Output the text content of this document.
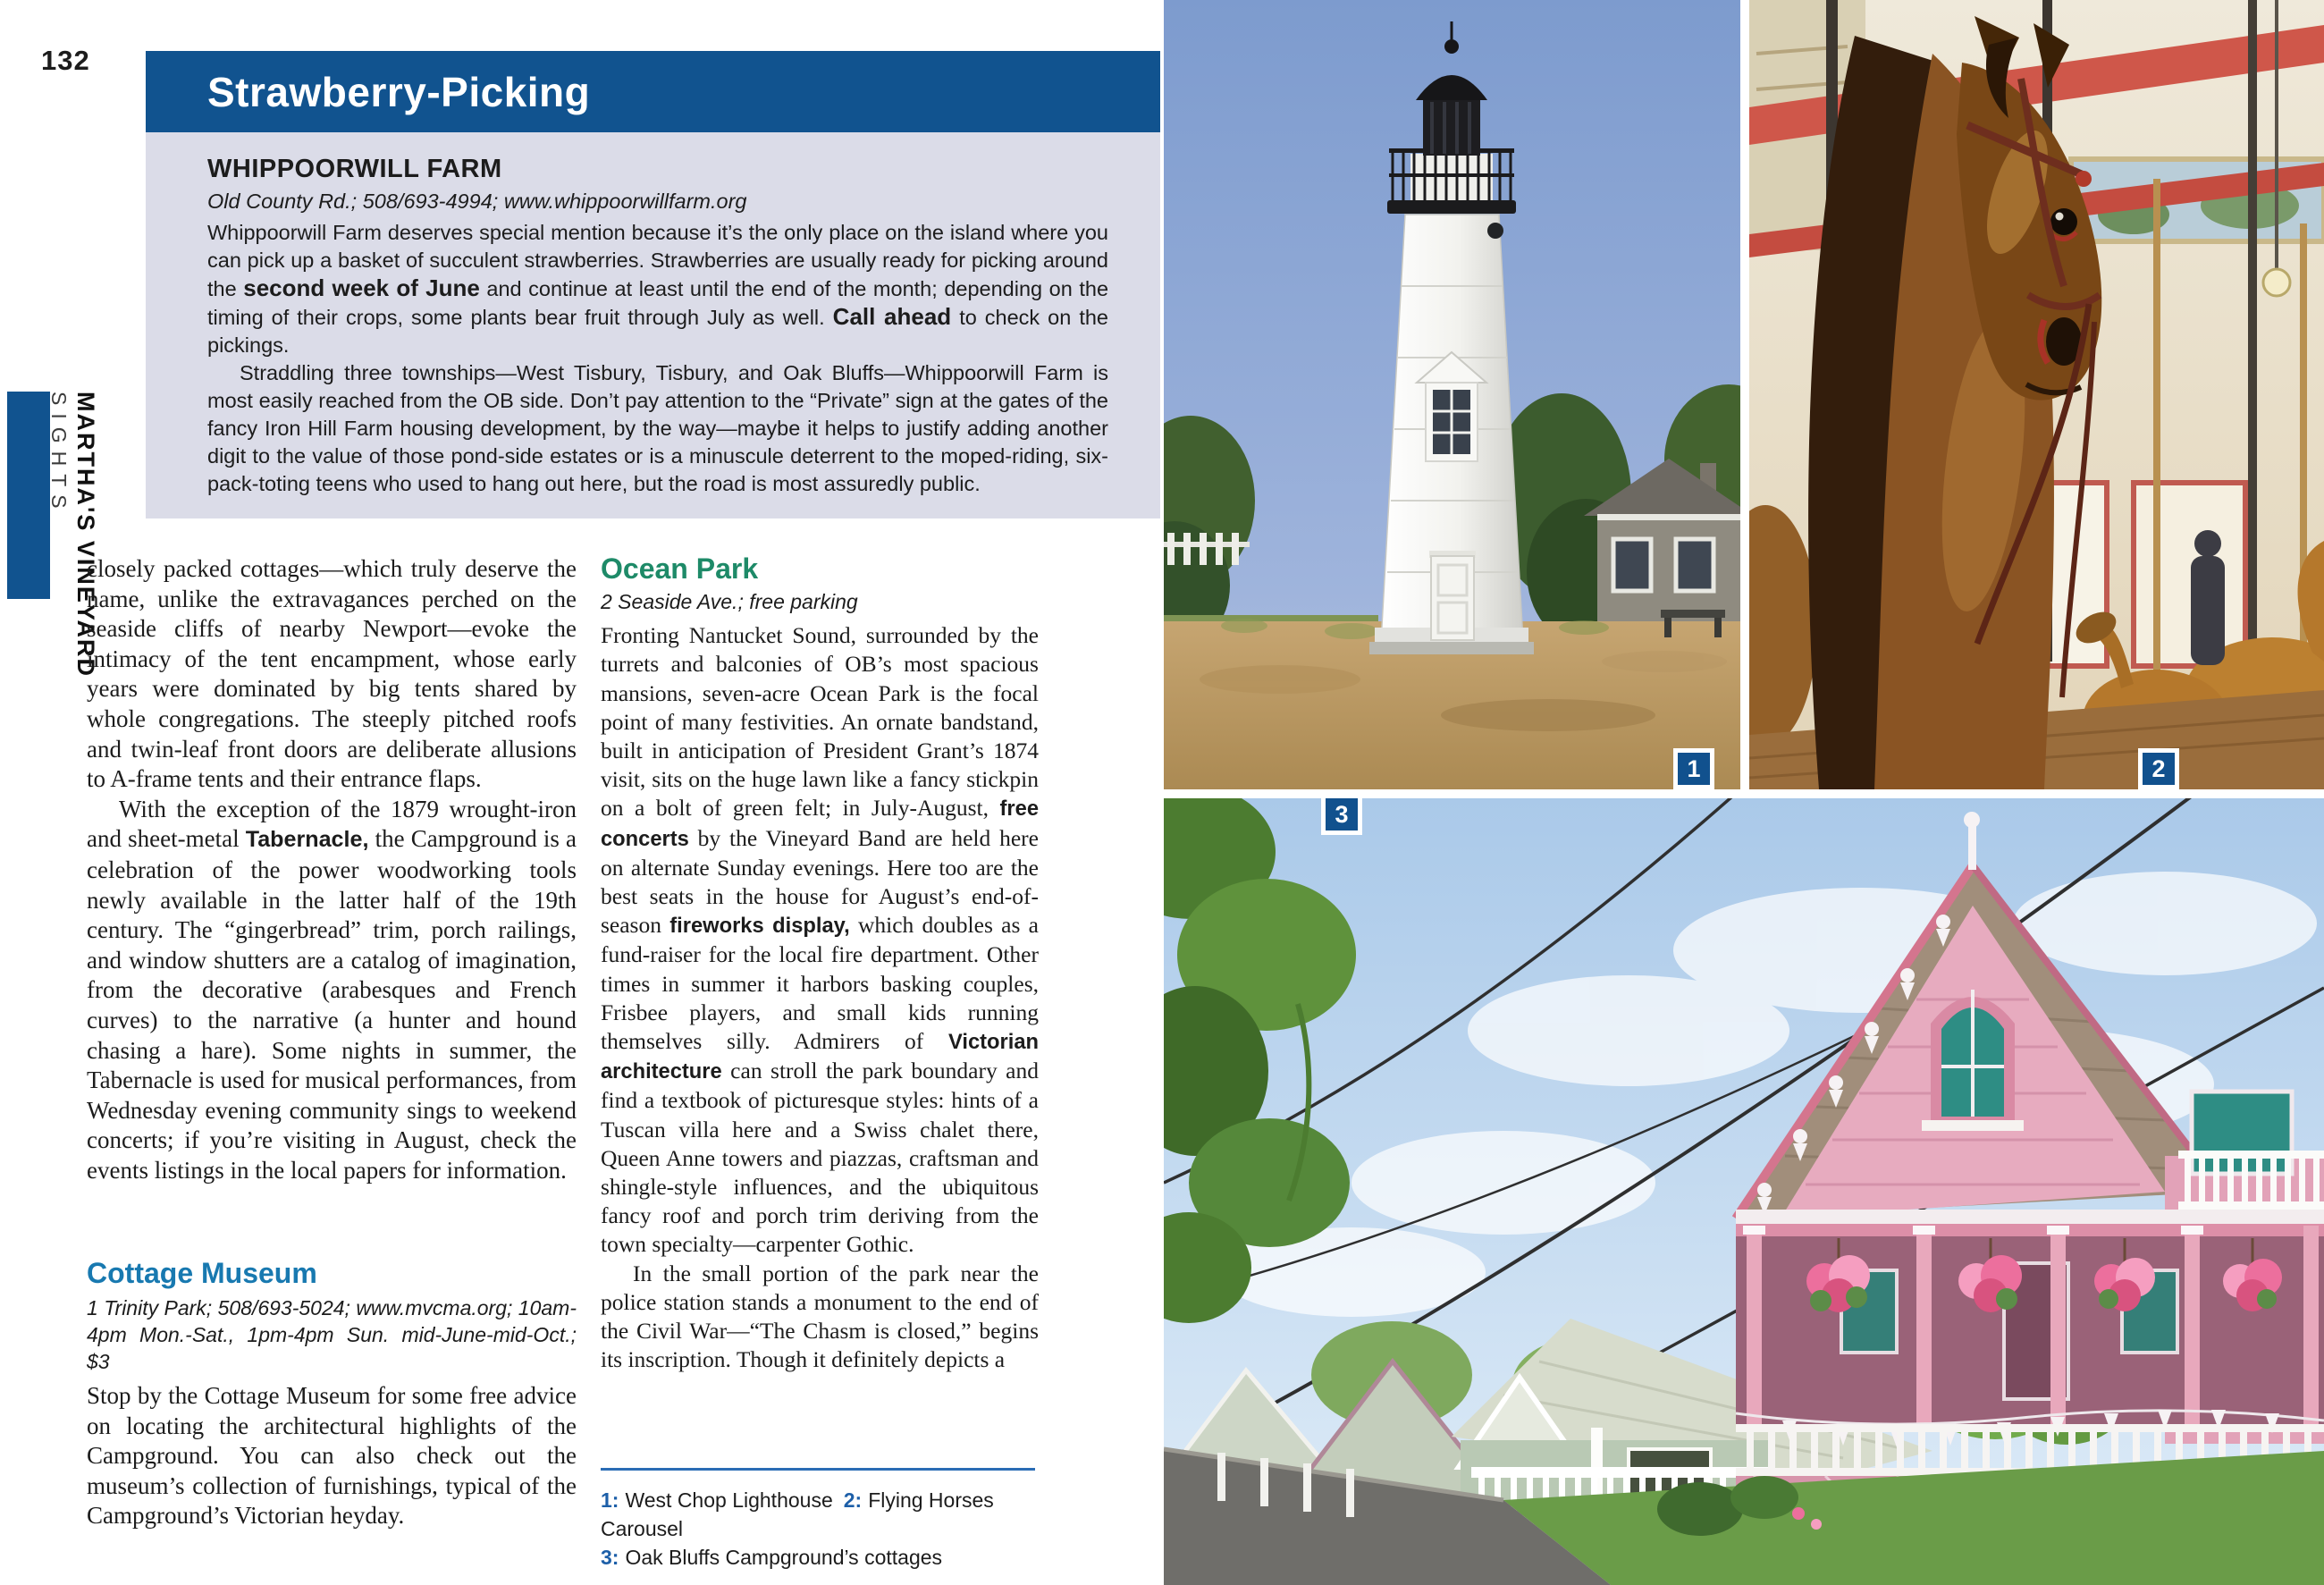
132
SIGHTS MARTHA'S VINEYARD
Strawberry-Picking
WHIPPOORWILL FARM

Old County Rd.; 508/693-4994; www.whippoorwillfarm.org

Whippoorwill Farm deserves special mention because it’s the only place on the island where you can pick up a basket of succulent strawberries. Strawberries are usually ready for picking around the second week of June and continue at least until the end of the month; depending on the timing of their crops, some plants bear fruit through July as well. Call ahead to check on the pickings.

Straddling three townships—West Tisbury, Tisbury, and Oak Bluffs—Whippoorwill Farm is most easily reached from the OB side. Don’t pay attention to the “Private” sign at the gates of the fancy Iron Hill Farm housing development, by the way—maybe it helps to justify adding another digit to the value of those pond-side estates or is a minuscule deterrent to the moped-riding, six-pack-toting teens who used to hang out here, but the road is most assuredly public.

closely packed cottages—which truly deserve the name, unlike the extravagances perched on the seaside cliffs of nearby Newport—evoke the intimacy of the tent encampment, whose early years were dominated by big tents shared by whole congregations. The steeply pitched roofs and twin-leaf front doors are deliberate allusions to A-frame tents and their entrance flaps.

With the exception of the 1879 wrought-iron and sheet-metal Tabernacle, the Campground is a celebration of the power woodworking tools newly available in the latter half of the 19th century. The “gingerbread” trim, porch railings, and window shutters are a catalog of imagination, from the decorative (arabesques and French curves) to the narrative (a hunter and hound chasing a hare). Some nights in summer, the Tabernacle is used for musical performances, from Wednesday evening community sings to weekend concerts; if you’re visiting in August, check the events listings in the local papers for information.

Cottage Museum

1 Trinity Park; 508/693-5024; www.mvcma.org; 10am-4pm Mon.-Sat., 1pm-4pm Sun. mid-June-mid-Oct.; $3

Stop by the Cottage Museum for some free advice on locating the architectural highlights of the Campground. You can also check out the museum’s collection of furnishings, typical of the Campground’s Victorian heyday.

Ocean Park

2 Seaside Ave.; free parking

Fronting Nantucket Sound, surrounded by the turrets and balconies of OB’s most spacious mansions, seven-acre Ocean Park is the focal point of many festivities. An ornate bandstand, built in anticipation of President Grant’s 1874 visit, sits on the huge lawn like a fancy stickpin on a bolt of green felt; in July-August, free concerts by the Vineyard Band are held here on alternate Sunday evenings. Here too are the best seats in the house for August’s end-of-season fireworks display, which doubles as a fund-raiser for the local fire department. Other times in summer it harbors basking couples, Frisbee players, and small kids running themselves silly. Admirers of Victorian architecture can stroll the park boundary and find a textbook of picturesque styles: hints of a Tuscan villa here and a Swiss chalet there, Queen Anne towers and piazzas, craftsman and shingle-style influences, and the ubiquitous fancy roof and porch trim deriving from the town specialty—carpenter Gothic.

In the small portion of the park near the police station stands a monument to the end of the Civil War—“The Chasm is closed,” begins its inscription. Though it definitely depicts a

1: West Chop Lighthouse 2: Flying Horses Carousel
3: Oak Bluffs Campground’s cottages
1	2
3
